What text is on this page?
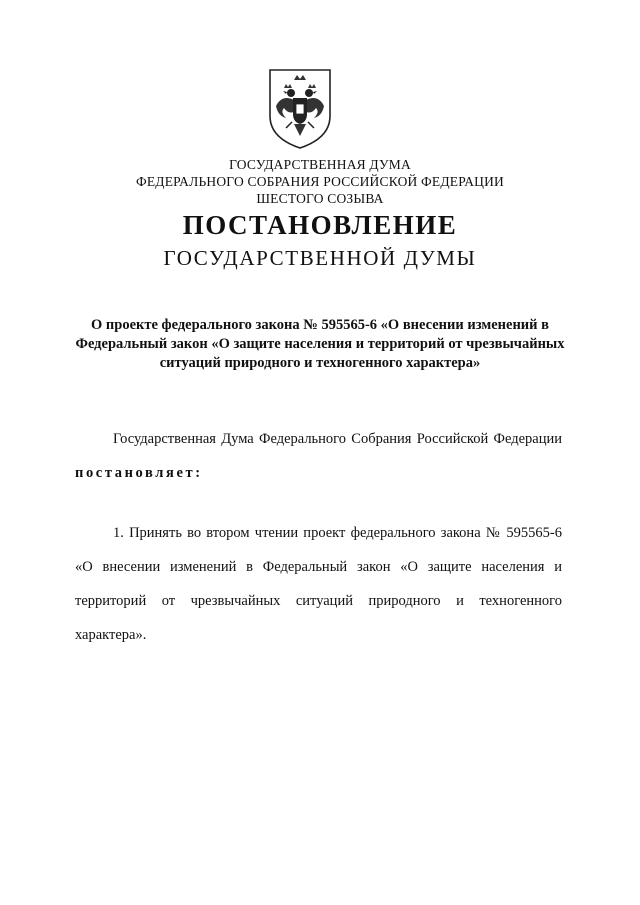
ГОСУДАРСТВЕННАЯ ДУМА
ФЕДЕРАЛЬНОГО СОБРАНИЯ РОССИЙСКОЙ ФЕДЕРАЦИИ
ШЕСТОГО СОЗЫВА
ПОСТАНОВЛЕНИЕ
ГОСУДАРСТВЕННОЙ ДУМЫ
О проекте федерального закона № 595565-6 «О внесении изменений в Федеральный закон «О защите населения и территорий от чрезвычайных ситуаций природного и техногенного характера»
Государственная Дума Федерального Собрания Российской Федерации постановляет:
1. Принять во втором чтении проект федерального закона № 595565-6 «О внесении изменений в Федеральный закон «О защите населения и территорий от чрезвычайных ситуаций природного и техногенного характера».
